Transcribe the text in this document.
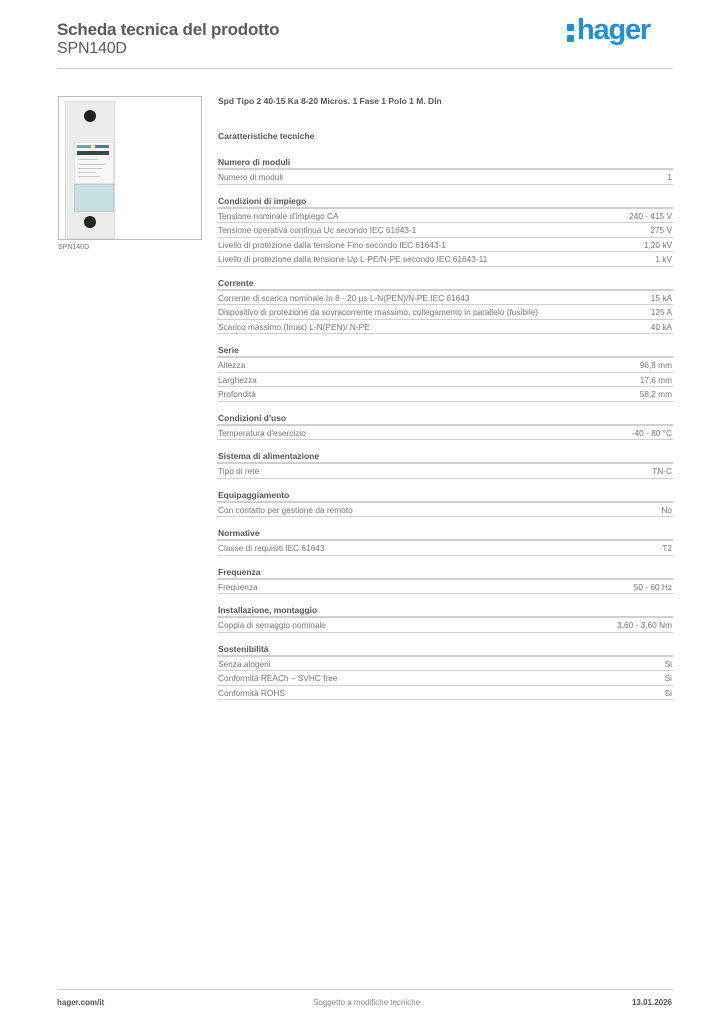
Scheda tecnica del prodotto
SPN140D
hager
SPN140D
Spd Tipo 2 40-15 Ka 8-20 Micros. 1 Fase 1 Polo 1 M. Din
Caratteristiche tecniche
Numero di moduli
Numero di moduli	1
Condizioni di impiego
Tensione nominale d'impiego CA	240 - 415 V
Tensione operativa continua Uc secondo IEC 61643-1	275 V
Livello di protezione dalla tensione Fino secondo IEC 61643-1	1,20 kV
Livello di protezione dalla tensione Up L-PE/N-PE secondo IEC 61643-11	1 kV
Corrente
Corrente di scarica nominale In 8 - 20 µs L-N(PEN)/N-PE IEC 61643	15 kA
Dispositivo di protezione da sovracorrente massimo, collegamento in parallelo (fusibile)	125 A
Scarico massimo (Imax) L-N(PEN)/ N-PE	40 kA
Serie
Altezza	96,8 mm
Larghezza	17,6 mm
Profondità	58,2 mm
Condizioni d'uso
Temperatura d'esercizio	-40 - 80 °C
Sistema di alimentazione
Tipo di rete	TN-C
Equipaggiamento
Con contatto per gestione da remoto	No
Normative
Classe di requisiti IEC 61643	T2
Frequenza
Frequenza	50 - 60 Hz
Installazione, montaggio
Coppia di serraggio nominale	3,60 - 3,60 Nm
Sostenibilità
Senza alogeni	Si
Conformità REACh – SVHC free	Si
Conformità ROHS	Si
hager.com/it	Soggetto a modifiche tecniche	13.01.2026
